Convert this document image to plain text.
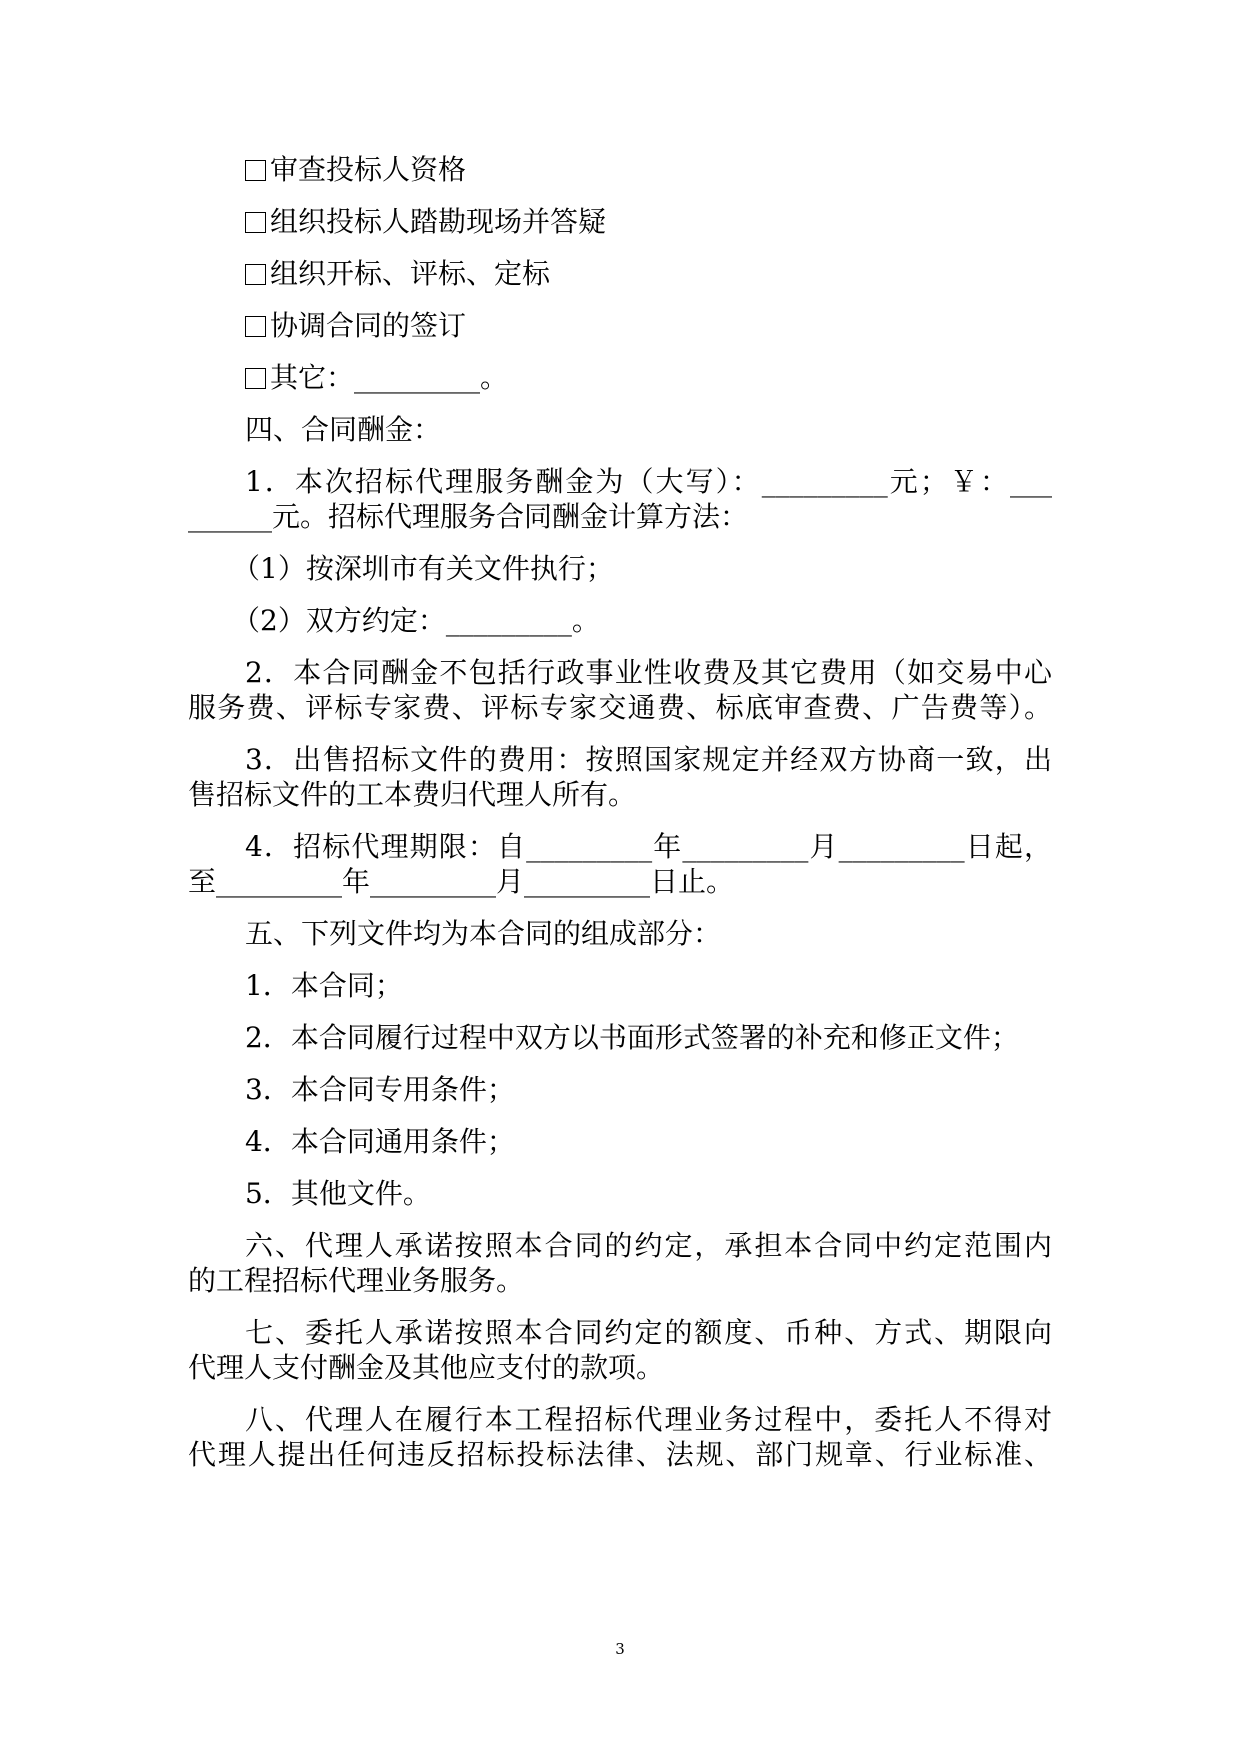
审查投标人资格
组织投标人踏勘现场并答疑
组织开标、评标、定标
协调合同的签订
其它：_________。
四、合同酬金：
1．本次招标代理服务酬金为（大写）：_________元；￥：___
______元。招标代理服务合同酬金计算方法：
（1）按深圳市有关文件执行；
（2）双方约定：_________。
2．本合同酬金不包括行政事业性收费及其它费用（如交易中心
服务费、评标专家费、评标专家交通费、标底审查费、广告费等）。
3．出售招标文件的费用：按照国家规定并经双方协商一致，出
售招标文件的工本费归代理人所有。
4．招标代理期限：自_________年_________月_________日起，
至_________年_________月_________日止。
五、下列文件均为本合同的组成部分：
1．本合同；
2．本合同履行过程中双方以书面形式签署的补充和修正文件；
3．本合同专用条件；
4．本合同通用条件；
5．其他文件。
六、代理人承诺按照本合同的约定，承担本合同中约定范围内
的工程招标代理业务服务。
七、委托人承诺按照本合同约定的额度、币种、方式、期限向
代理人支付酬金及其他应支付的款项。
八、代理人在履行本工程招标代理业务过程中，委托人不得对
代理人提出任何违反招标投标法律、法规、部门规章、行业标准、
3
